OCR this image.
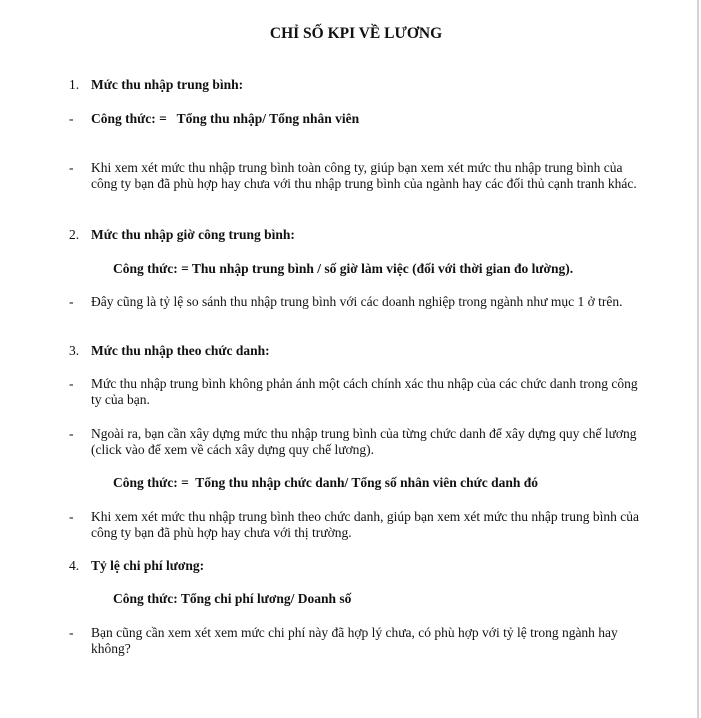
CHỈ SỐ KPI VỀ LƯƠNG
1. Mức thu nhập trung bình:
- Công thức: =   Tổng thu nhập/ Tổng nhân viên
- Khi xem xét mức thu nhập trung bình toàn công ty, giúp bạn xem xét mức thu nhập trung bình của công ty bạn đã phù hợp hay chưa với thu nhập trung bình của ngành hay các đối thủ cạnh tranh khác.
2. Mức thu nhập giờ công trung bình:
Công thức: = Thu nhập trung bình / số giờ làm việc (đối với thời gian đo lường).
- Đây cũng là tỷ lệ so sánh thu nhập trung bình với các doanh nghiệp trong ngành như mục 1 ở trên.
3. Mức thu nhập theo chức danh:
- Mức thu nhập trung bình không phản ánh một cách chính xác thu nhập của các chức danh trong công ty của bạn.
- Ngoài ra, bạn cần xây dựng mức thu nhập trung bình của từng chức danh để xây dựng quy chế lương (click vào để xem về cách xây dựng quy chế lương).
Công thức: =  Tổng thu nhập chức danh/ Tổng số nhân viên chức danh đó
- Khi xem xét mức thu nhập trung bình theo chức danh, giúp bạn xem xét mức thu nhập trung bình của công ty bạn đã phù hợp hay chưa với thị trường.
4. Tỷ lệ chi phí lương:
Công thức: Tổng chi phí lương/ Doanh số
- Bạn cũng cần xem xét xem mức chi phí này đã hợp lý chưa, có phù hợp với tỷ lệ trong ngành hay không?
